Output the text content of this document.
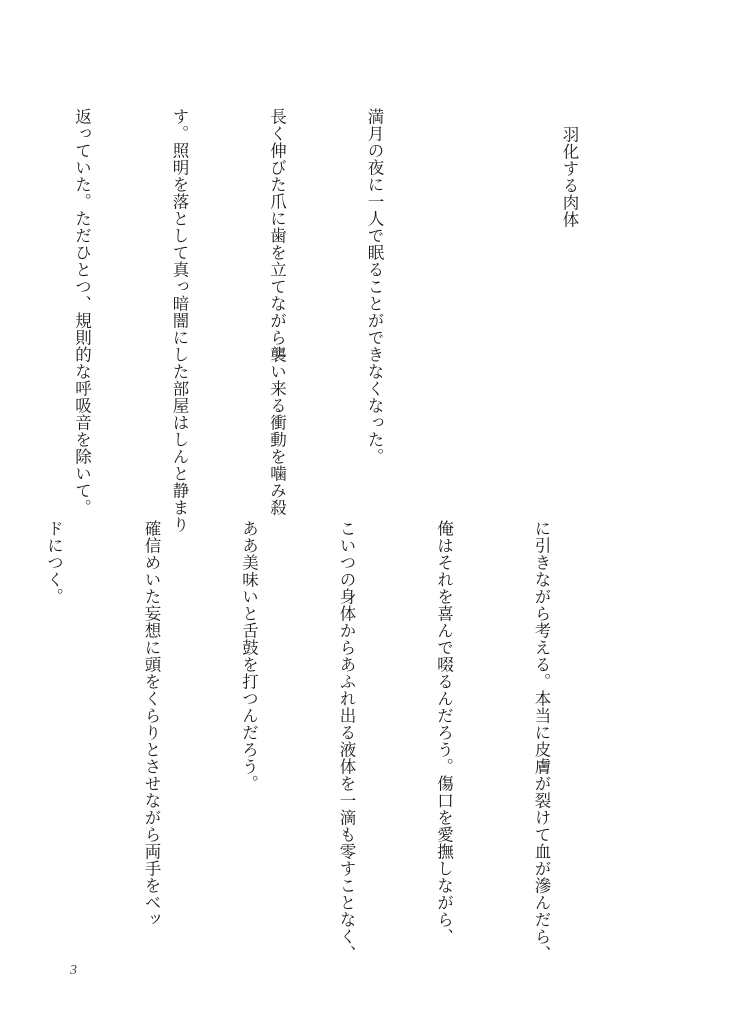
羽化する肉体

満月の夜に一人で眠ることができなくなった。

長く伸びた爪に歯を立てながら襲い来る衝動を噛み殺

す。照明を落として真っ暗闇にした部屋はしんと静まり

返っていた。ただひとつ、規則的な呼吸音を除いて。

に引きながら考える。本当に皮膚が裂けて血が滲んだら、

俺はそれを喜んで啜るんだろう。傷口を愛撫しながら、

こいつの身体からあふれ出る液体を一滴も零すことなく、

ああ美味いと舌鼓を打つんだろう。

確信めいた妄想に頭をくらりとさせながら両手をベッ

ドにつく。

3
